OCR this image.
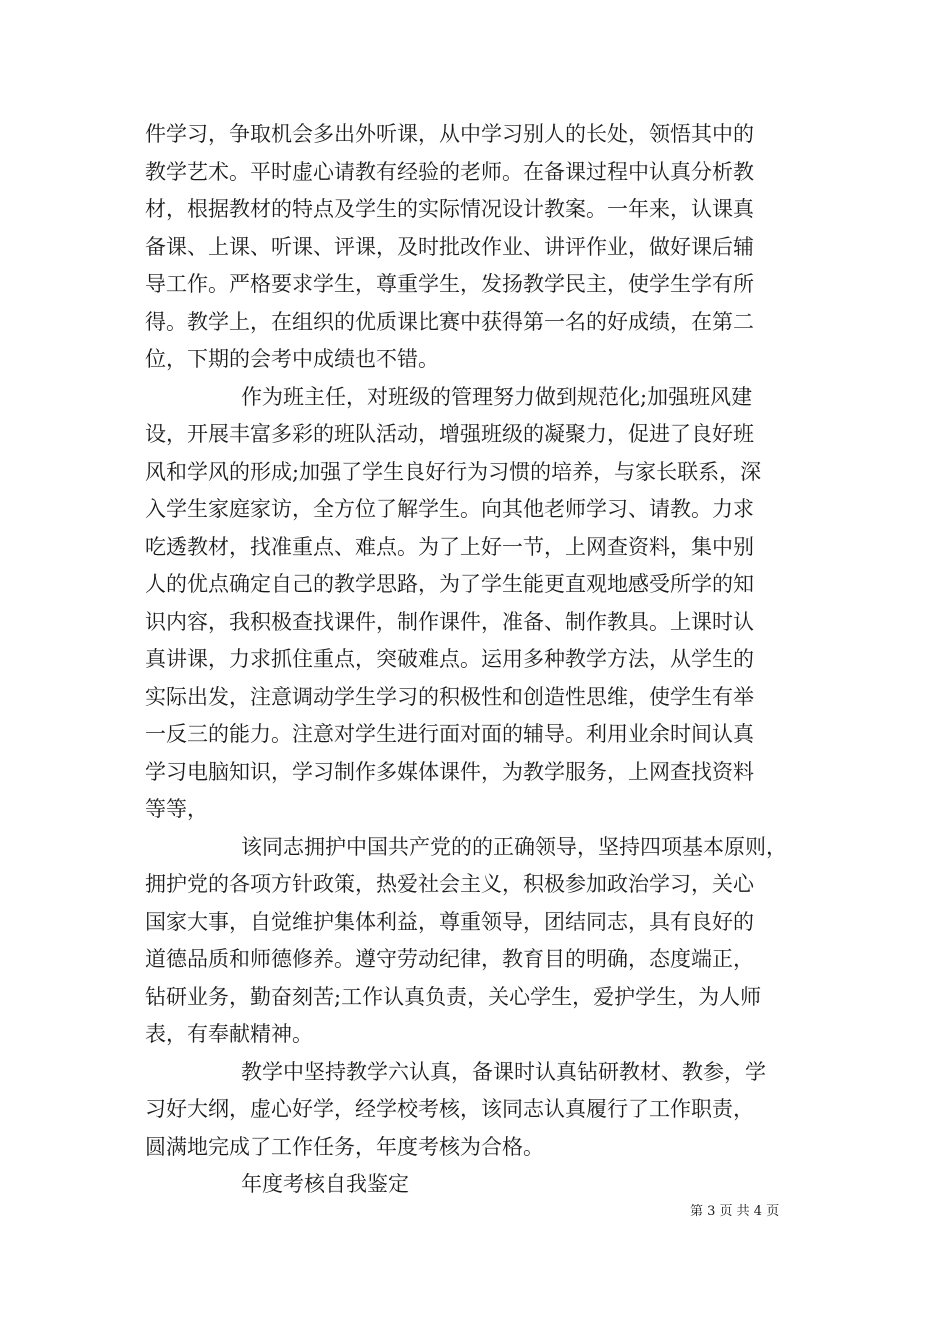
件学习，争取机会多出外听课，从中学习别人的长处，领悟其中的

教学艺术。平时虚心请教有经验的老师。在备课过程中认真分析教

材，根据教材的特点及学生的实际情况设计教案。一年来，认课真

备课、上课、听课、评课，及时批改作业、讲评作业，做好课后辅

导工作。严格要求学生，尊重学生，发扬教学民主，使学生学有所

得。教学上，在组织的优质课比赛中获得第一名的好成绩，在第二

位，下期的会考中成绩也不错。

作为班主任，对班级的管理努力做到规范化;加强班风建

设，开展丰富多彩的班队活动，增强班级的凝聚力，促进了良好班

风和学风的形成;加强了学生良好行为习惯的培养，与家长联系，深

入学生家庭家访，全方位了解学生。向其他老师学习、请教。力求

吃透教材，找准重点、难点。为了上好一节，上网查资料，集中别

人的优点确定自己的教学思路，为了学生能更直观地感受所学的知

识内容，我积极查找课件，制作课件，准备、制作教具。上课时认

真讲课，力求抓住重点，突破难点。运用多种教学方法，从学生的

实际出发，注意调动学生学习的积极性和创造性思维，使学生有举

一反三的能力。注意对学生进行面对面的辅导。利用业余时间认真

学习电脑知识，学习制作多媒体课件，为教学服务，上网查找资料

等等，

该同志拥护中国共产党的的正确领导，坚持四项基本原则，

拥护党的各项方针政策，热爱社会主义，积极参加政治学习，关心

国家大事，自觉维护集体利益，尊重领导，团结同志，具有良好的

道德品质和师德修养。遵守劳动纪律，教育目的明确，态度端正，

钻研业务，勤奋刻苦;工作认真负责，关心学生，爱护学生，为人师

表，有奉献精神。

教学中坚持教学六认真，备课时认真钻研教材、教参，学

习好大纲，虚心好学，经学校考核，该同志认真履行了工作职责，

圆满地完成了工作任务，年度考核为合格。

年度考核自我鉴定

第 3 页 共 4 页
